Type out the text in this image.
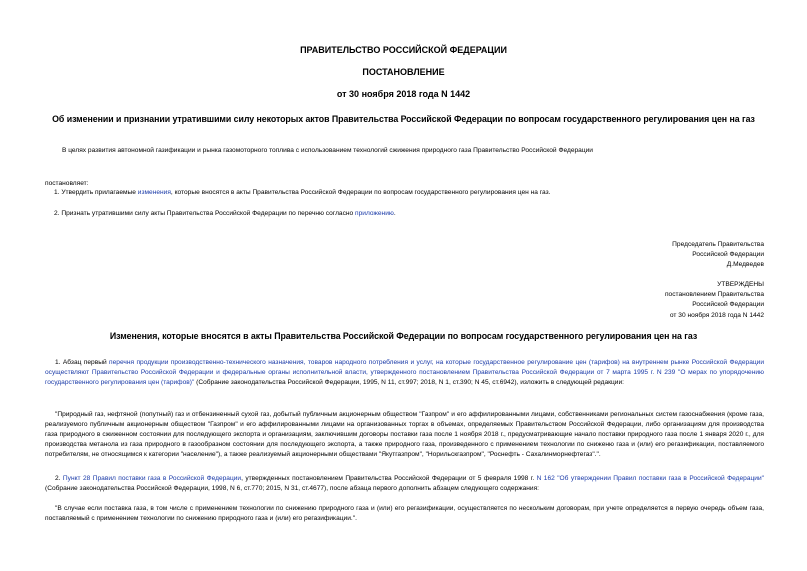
ПРАВИТЕЛЬСТВО РОССИЙСКОЙ ФЕДЕРАЦИИ
ПОСТАНОВЛЕНИЕ
от 30 ноября 2018 года N 1442
Об изменении и признании утратившими силу некоторых актов Правительства Российской Федерации по вопросам государственного регулирования цен на газ
В целях развития автономной газификации и рынка газомоторного топлива с использованием технологий сжижения природного газа Правительство Российской Федерации
постановляет:
1. Утвердить прилагаемые изменения, которые вносятся в акты Правительства Российской Федерации по вопросам государственного регулирования цен на газ.
2. Признать утратившими силу акты Правительства Российской Федерации по перечню согласно приложению.
Председатель Правительства
Российской Федерации
Д.Медведев
УТВЕРЖДЕНЫ
постановлением Правительства
Российской Федерации
от 30 ноября 2018 года N 1442
Изменения, которые вносятся в акты Правительства Российской Федерации по вопросам государственного регулирования цен на газ
1. Абзац первый перечня продукции производственно-технического назначения, товаров народного потребления и услуг, на которые государственное регулирование цен (тарифов) на внутреннем рынке Российской Федерации осуществляют Правительство Российской Федерации и федеральные органы исполнительной власти, утвержденного постановлением Правительства Российской Федерации от 7 марта 1995 г. N 239 "О мерах по упорядочению государственного регулирования цен (тарифов)" (Собрание законодательства Российской Федерации, 1995, N 11, ст.997; 2018, N 1, ст.390; N 45, ст.6942), изложить в следующей редакции:
"Природный газ, нефтяной (попутный) газ и отбензиненный сухой газ, добытый публичным акционерным обществом "Газпром" и его аффилированными лицами, собственниками региональных систем газоснабжения (кроме газа, реализуемого публичным акционерным обществом "Газпром" и его аффилированными лицами на организованных торгах в объемах, определяемых Правительством Российской Федерации, либо организациям для производства газа природного в сжиженном состоянии для последующего экспорта и организациям, заключившим договоры поставки газа после 1 ноября 2018 г., предусматривающие начало поставки природного газа после 1 января 2020 г., для производства метанола из газа природного в газообразном состоянии для последующего экспорта, а также природного газа, произведенного с применением технологии по сниженю газа и (или) его регазификации, поставляемого потребителям, не относящимся к категории "население"), а также реализуемый акционерными обществами "Якутгазпром", "Норильскгазпром", "Роснефть - Сахалинморнефтегаз".".
2. Пункт 28 Правил поставки газа в Российской Федерации, утвержденных постановлением Правительства Российской Федерации от 5 февраля 1998 г. N 162 "Об утверждении Правил поставки газа в Российской Федерации" (Собрание законодательства Российской Федерации, 1998, N 6, ст.770; 2015, N 31, ст.4677), после абзаца первого дополнить абзацем следующего содержания:
"В случае если поставка газа, в том числе с применением технологии по снижению природного газа и (или) его регазификации, осуществляется по нескольким договорам, при учете определяется в первую очередь объем газа, поставляемый с применением технологии по снижению природного газа и (или) его регазификации.".
